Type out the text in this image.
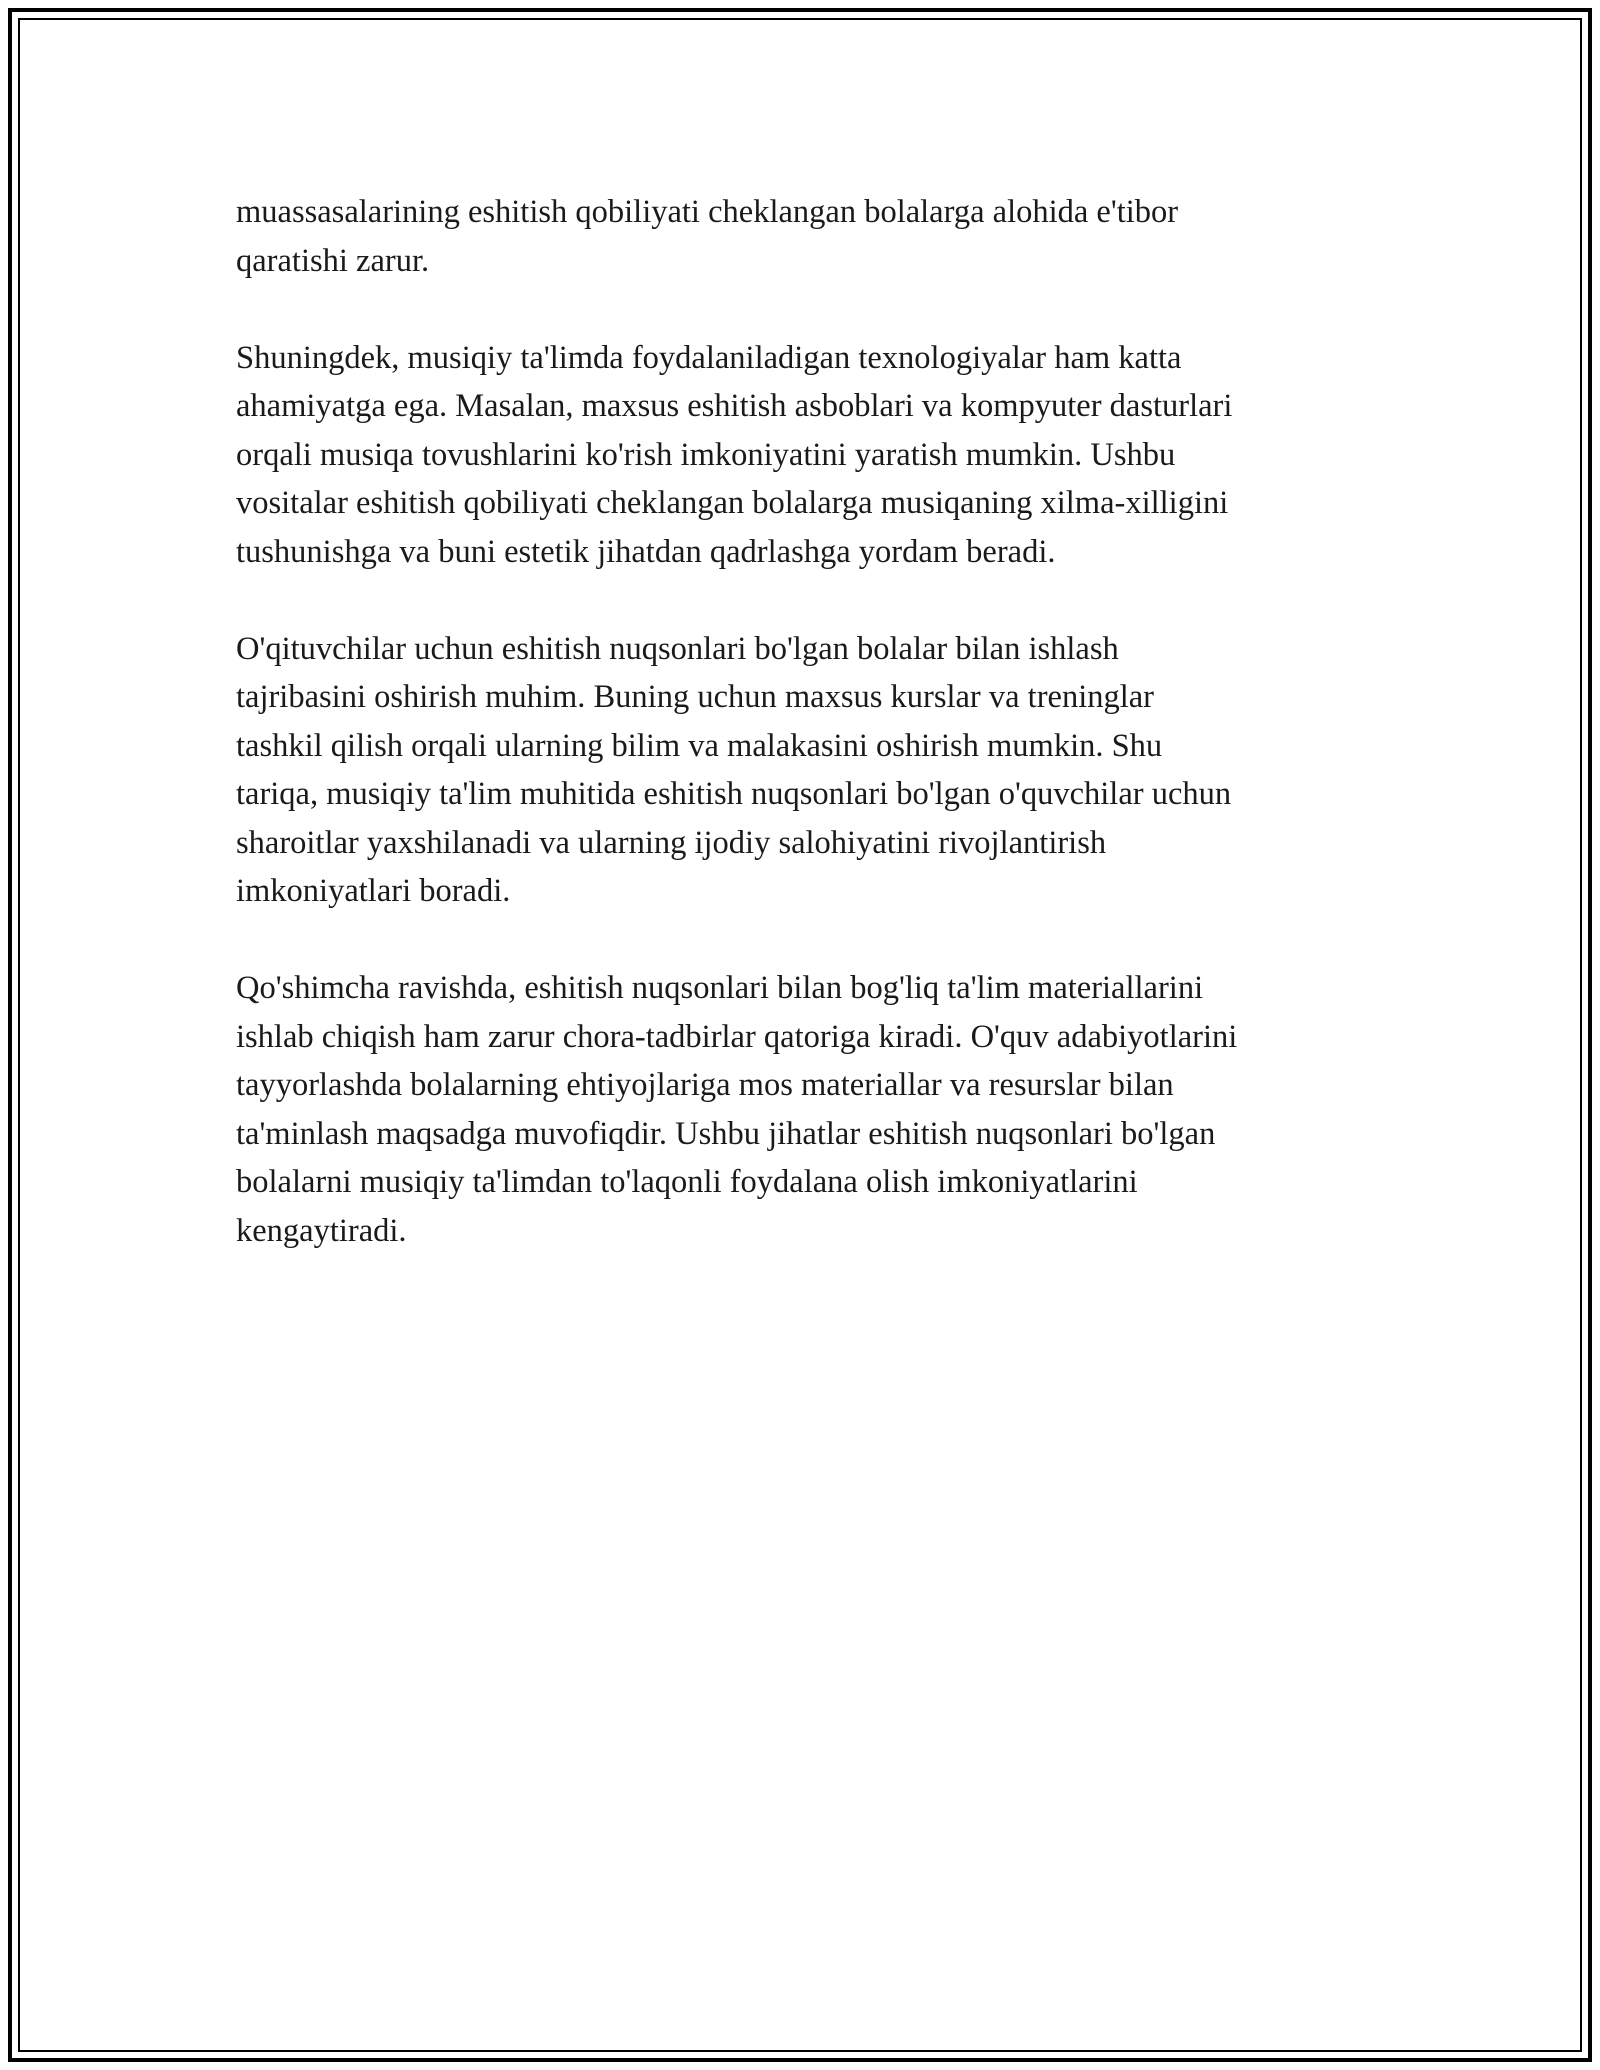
muassasalarining eshitish qobiliyati cheklangan bolalarga alohida e'tibor
qaratishi zarur.

Shuningdek, musiqiy ta'limda foydalaniladigan texnologiyalar ham katta
ahamiyatga ega. Masalan, maxsus eshitish asboblari va kompyuter dasturlari
orqali musiqa tovushlarini ko'rish imkoniyatini yaratish mumkin. Ushbu
vositalar eshitish qobiliyati cheklangan bolalarga musiqaning xilma-xilligini
tushunishga va buni estetik jihatdan qadrlashga yordam beradi.

O'qituvchilar uchun eshitish nuqsonlari bo'lgan bolalar bilan ishlash
tajribasini oshirish muhim. Buning uchun maxsus kurslar va treninglar
tashkil qilish orqali ularning bilim va malakasini oshirish mumkin. Shu
tariqa, musiqiy ta'lim muhitida eshitish nuqsonlari bo'lgan o'quvchilar uchun
sharoitlar yaxshilanadi va ularning ijodiy salohiyatini rivojlantirish
imkoniyatlari boradi.

Qo'shimcha ravishda, eshitish nuqsonlari bilan bog'liq ta'lim materiallarini
ishlab chiqish ham zarur chora-tadbirlar qatoriga kiradi. O'quv adabiyotlarini
tayyorlashda bolalarning ehtiyojlariga mos materiallar va resurslar bilan
ta'minlash maqsadga muvofiqdir. Ushbu jihatlar eshitish nuqsonlari bo'lgan
bolalarni musiqiy ta'limdan to'laqonli foydalana olish imkoniyatlarini
kengaytiradi.
